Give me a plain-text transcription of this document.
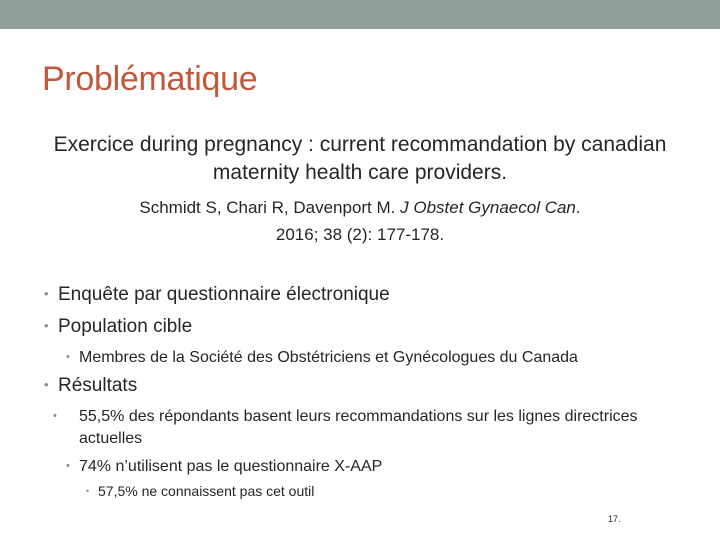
Problématique
Exercice during pregnancy : current recommandation by canadian maternity health care providers.
Schmidt S, Chari R, Davenport M. J Obstet Gynaecol Can.
2016; 38 (2): 177-178.
• Enquête par questionnaire électronique
• Population cible
• Membres de la Société des Obstétriciens et Gynécologues du Canada
• Résultats
• 55,5% des répondants basent leurs recommandations sur les lignes directrices actuelles
• 74% n’utilisent pas le questionnaire X-AAP
• 57,5% ne connaissent pas cet outil
17.
